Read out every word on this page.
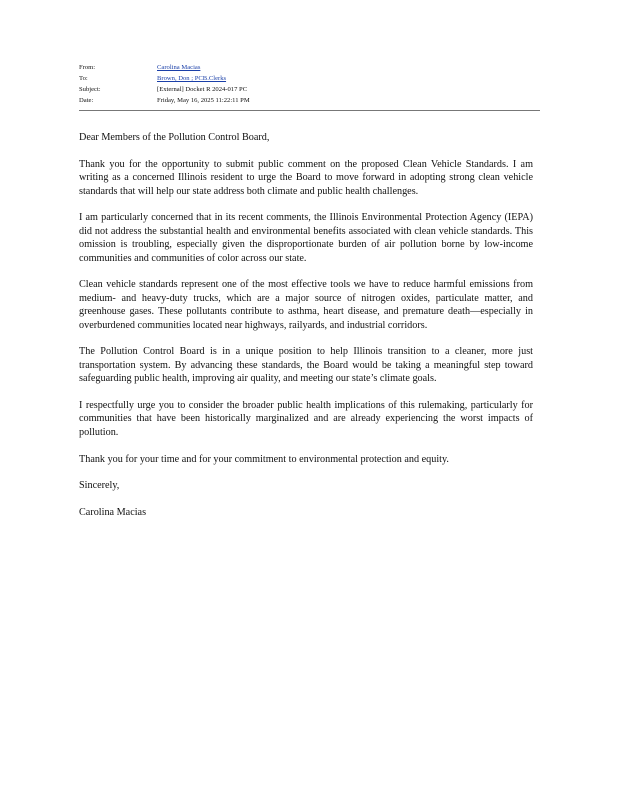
From:	Carolina Macias
To:	Brown, Don ; PCB.Clerks
Subject:	[External] Docket R 2024-017 PC
Date:	Friday, May 16, 2025 11:22:11 PM

Dear Members of the Pollution Control Board,

Thank you for the opportunity to submit public comment on the proposed Clean Vehicle Standards. I am writing as a concerned Illinois resident to urge the Board to move forward in adopting strong clean vehicle standards that will help our state address both climate and public health challenges.

I am particularly concerned that in its recent comments, the Illinois Environmental Protection Agency (IEPA) did not address the substantial health and environmental benefits associated with clean vehicle standards. This omission is troubling, especially given the disproportionate burden of air pollution borne by low-income communities and communities of color across our state.

Clean vehicle standards represent one of the most effective tools we have to reduce harmful emissions from medium- and heavy-duty trucks, which are a major source of nitrogen oxides, particulate matter, and greenhouse gases. These pollutants contribute to asthma, heart disease, and premature death—especially in overburdened communities located near highways, railyards, and industrial corridors.

The Pollution Control Board is in a unique position to help Illinois transition to a cleaner, more just transportation system. By advancing these standards, the Board would be taking a meaningful step toward safeguarding public health, improving air quality, and meeting our state’s climate goals.

I respectfully urge you to consider the broader public health implications of this rulemaking, particularly for communities that have been historically marginalized and are already experiencing the worst impacts of pollution.

Thank you for your time and for your commitment to environmental protection and equity.

Sincerely,

Carolina Macias
